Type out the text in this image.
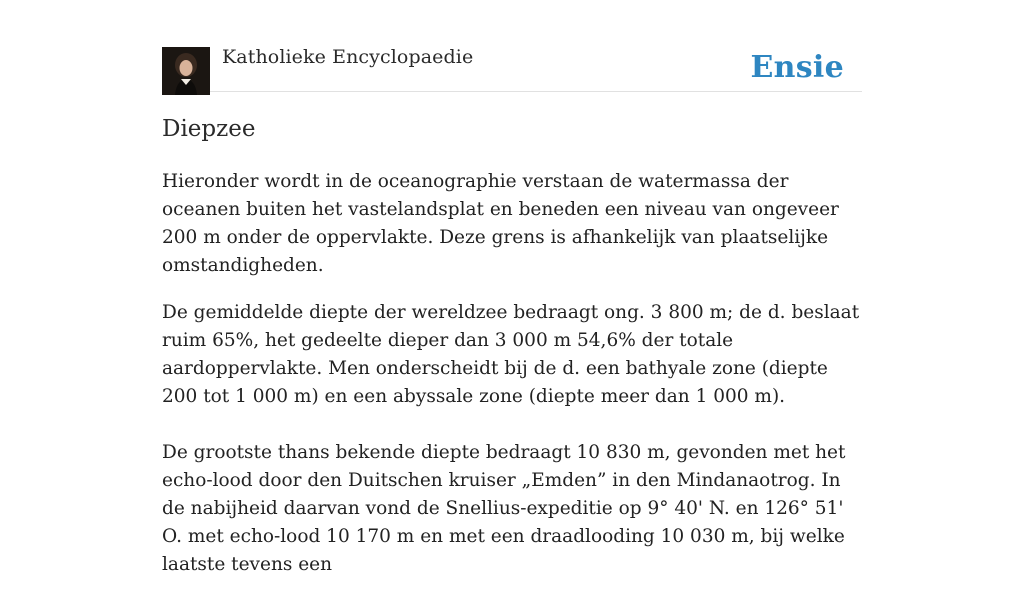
Katholieke Encyclopaedie	Ensie
Diepzee

Hieronder wordt in de oceanographie verstaan de watermassa der oceanen buiten het vastelandsplat en beneden een niveau van ongeveer 200 m onder de oppervlakte. Deze grens is afhankelijk van plaatselijke omstandigheden.

De gemiddelde diepte der wereldzee bedraagt ong. 3 800 m; de d. beslaat ruim 65%, het gedeelte dieper dan 3 000 m 54,6% der totale aardoppervlakte. Men onderscheidt bij de d. een bathyale zone (diepte 200 tot 1 000 m) en een abyssale zone (diepte meer dan 1 000 m).

De grootste thans bekende diepte bedraagt 10 830 m, gevonden met het echo-lood door den Duitschen kruiser „Emden” in den Mindanaotrog. In de nabijheid daarvan vond de Snellius-expeditie op 9° 40' N. en 126° 51' O. met echo-lood 10 170 m en met een draadlooding 10 030 m, bij welke laatste tevens een
